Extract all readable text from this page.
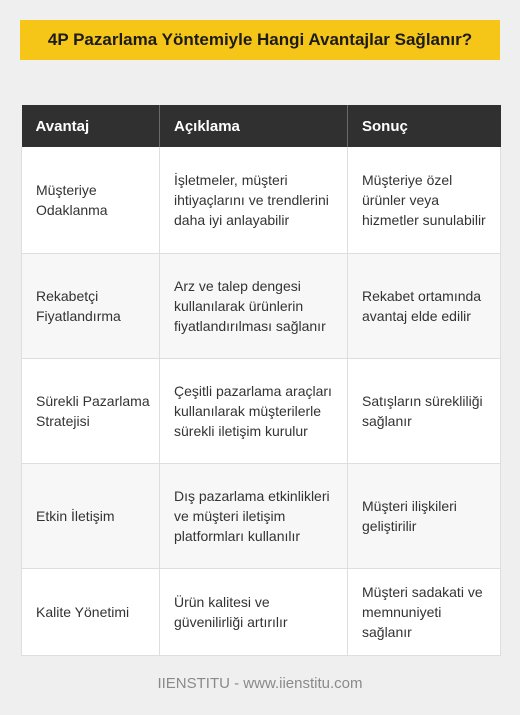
4P Pazarlama Yöntemiyle Hangi Avantajlar Sağlanır?
Avantaj	Açıklama	Sonuç
Müşteriye Odaklanma	İşletmeler, müşteri ihtiyaçlarını ve trendlerini daha iyi anlayabilir	Müşteriye özel ürünler veya hizmetler sunulabilir
Rekabetçi Fiyatlandırma	Arz ve talep dengesi kullanılarak ürünlerin fiyatlandırılması sağlanır	Rekabet ortamında avantaj elde edilir
Sürekli Pazarlama Stratejisi	Çeşitli pazarlama araçları kullanılarak müşterilerle sürekli iletişim kurulur	Satışların sürekliliği sağlanır
Etkin İletişim	Dış pazarlama etkinlikleri ve müşteri iletişim platformları kullanılır	Müşteri ilişkileri geliştirilir
Kalite Yönetimi	Ürün kalitesi ve güvenilirliği artırılır	Müşteri sadakati ve memnuniyeti sağlanır
IIENSTITU - www.iienstitu.com
